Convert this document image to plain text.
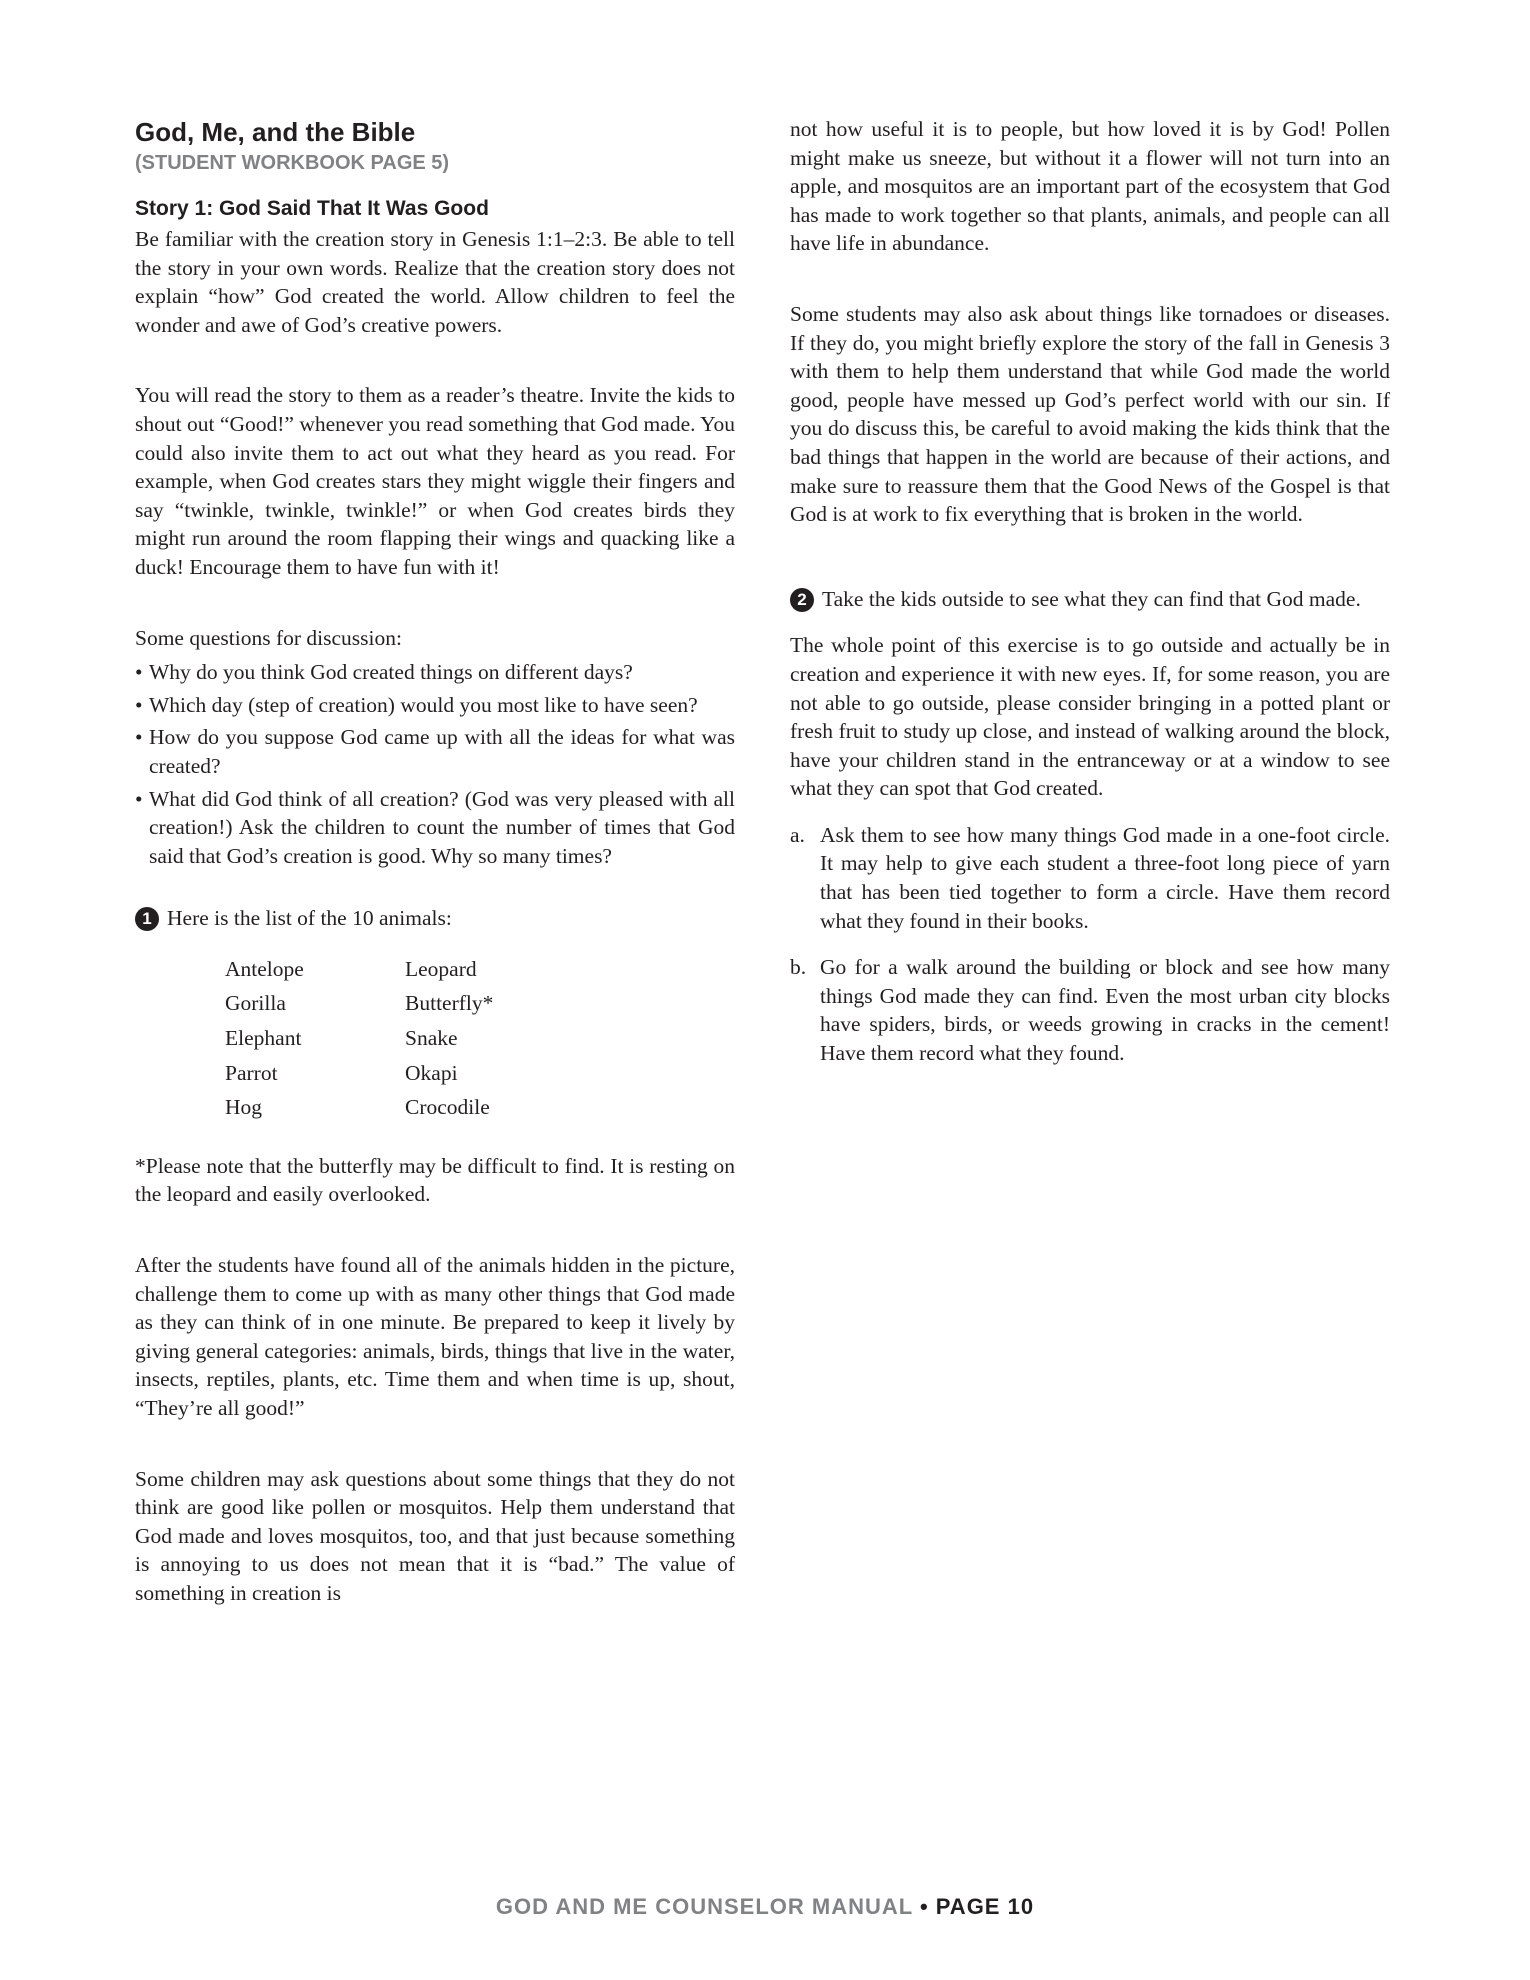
God, Me, and the Bible
(STUDENT WORKBOOK PAGE 5)
Story 1: God Said That It Was Good

Be familiar with the creation story in Genesis 1:1–2:3. Be able to tell the story in your own words. Realize that the creation story does not explain “how” God created the world. Allow children to feel the wonder and awe of God’s creative powers.

You will read the story to them as a reader’s theatre. Invite the kids to shout out “Good!” whenever you read something that God made. You could also invite them to act out what they heard as you read. For example, when God creates stars they might wiggle their fingers and say “twinkle, twinkle, twinkle!” or when God creates birds they might run around the room flapping their wings and quacking like a duck! Encourage them to have fun with it!

Some questions for discussion:

• Why do you think God created things on different days?
• Which day (step of creation) would you most like to have seen?
• How do you suppose God came up with all the ideas for what was created?
• What did God think of all creation? (God was very pleased with all creation!) Ask the children to count the number of times that God said that God’s creation is good. Why so many times?

1 Here is the list of the 10 animals:

Antelope	Leopard
Gorilla	Butterfly*
Elephant	Snake
Parrot	Okapi
Hog	Crocodile

*Please note that the butterfly may be difficult to find. It is resting on the leopard and easily overlooked.

After the students have found all of the animals hidden in the picture, challenge them to come up with as many other things that God made as they can think of in one minute. Be prepared to keep it lively by giving general categories: animals, birds, things that live in the water, insects, reptiles, plants, etc. Time them and when time is up, shout, “They’re all good!”

Some children may ask questions about some things that they do not think are good like pollen or mosquitos. Help them understand that God made and loves mosquitos, too, and that just because something is annoying to us does not mean that it is “bad.” The value of something in creation is

not how useful it is to people, but how loved it is by God! Pollen might make us sneeze, but without it a flower will not turn into an apple, and mosquitos are an important part of the ecosystem that God has made to work together so that plants, animals, and people can all have life in abundance.

Some students may also ask about things like tornadoes or diseases. If they do, you might briefly explore the story of the fall in Genesis 3 with them to help them understand that while God made the world good, people have messed up God’s perfect world with our sin. If you do discuss this, be careful to avoid making the kids think that the bad things that happen in the world are because of their actions, and make sure to reassure them that the Good News of the Gospel is that God is at work to fix everything that is broken in the world.

2 Take the kids outside to see what they can find that God made.

The whole point of this exercise is to go outside and actually be in creation and experience it with new eyes. If, for some reason, you are not able to go outside, please consider bringing in a potted plant or fresh fruit to study up close, and instead of walking around the block, have your children stand in the entranceway or at a window to see what they can spot that God created.

a. Ask them to see how many things God made in a one-foot circle. It may help to give each student a three-foot long piece of yarn that has been tied together to form a circle. Have them record what they found in their books.

b. Go for a walk around the building or block and see how many things God made they can find. Even the most urban city blocks have spiders, birds, or weeds growing in cracks in the cement! Have them record what they found.

GOD AND ME COUNSELOR MANUAL • PAGE 10
